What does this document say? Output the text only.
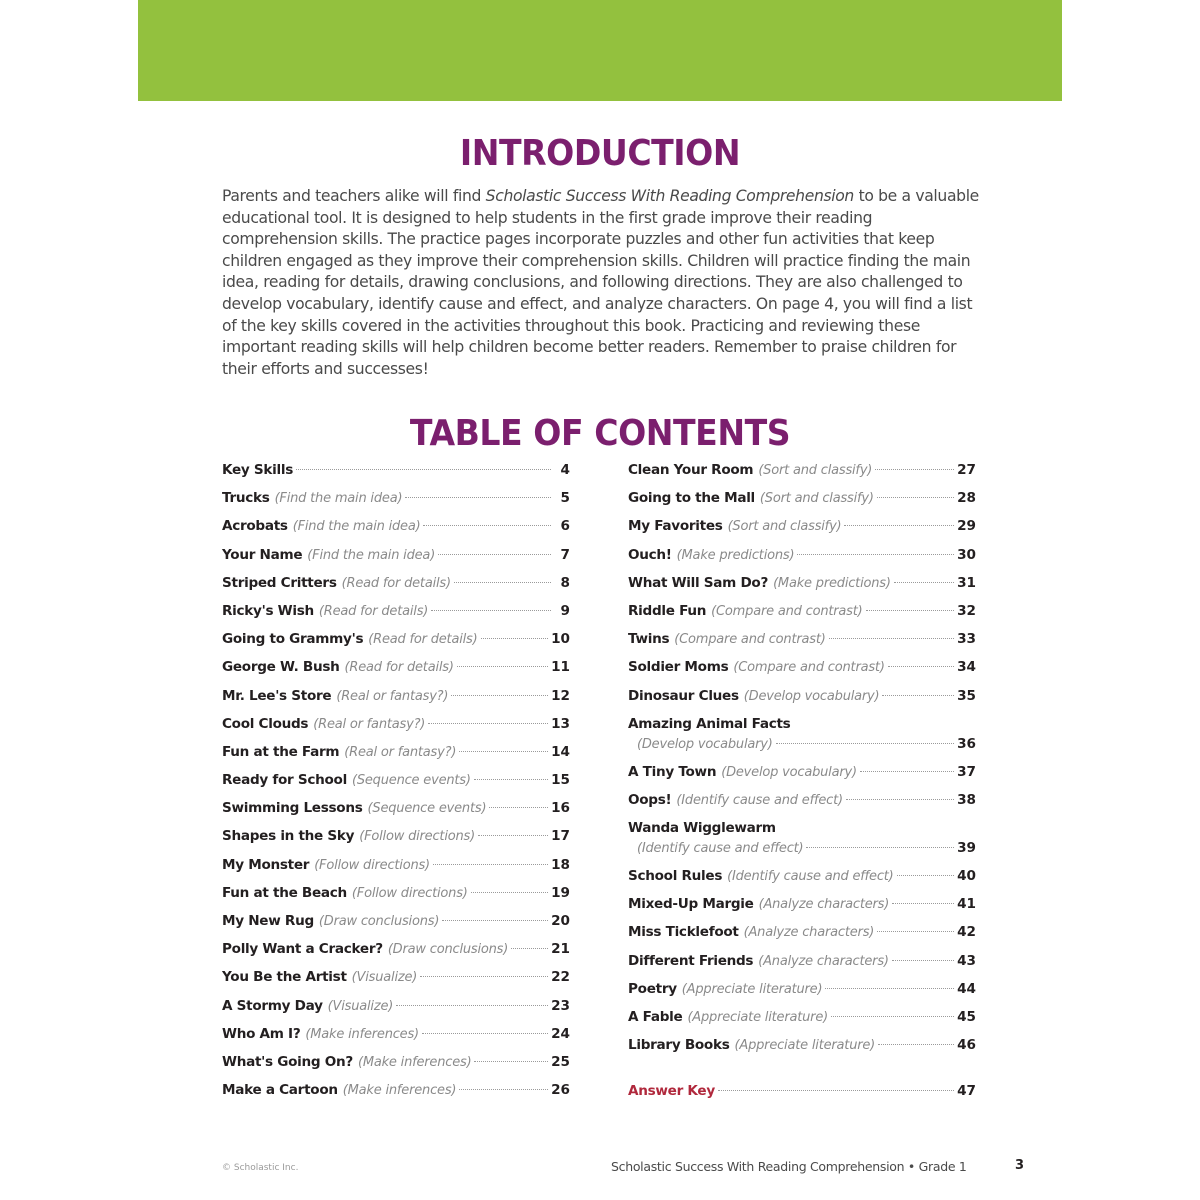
INTRODUCTION
Parents and teachers alike will find Scholastic Success With Reading Comprehension to be a valuable educational tool. It is designed to help students in the first grade improve their reading comprehension skills. The practice pages incorporate puzzles and other fun activities that keep children engaged as they improve their comprehension skills. Children will practice finding the main idea, reading for details, drawing conclusions, and following directions. They are also challenged to develop vocabulary, identify cause and effect, and analyze characters. On page 4, you will find a list of the key skills covered in the activities throughout this book. Practicing and reviewing these important reading skills will help children become better readers. Remember to praise children for their efforts and successes!
TABLE OF CONTENTS
Key Skills	4
Trucks (Find the main idea)	5
Acrobats (Find the main idea)	6
Your Name (Find the main idea)	7
Striped Critters (Read for details)	8
Ricky's Wish (Read for details)	9
Going to Grammy's (Read for details)	10
George W. Bush (Read for details)	11
Mr. Lee's Store (Real or fantasy?)	12
Cool Clouds (Real or fantasy?)	13
Fun at the Farm (Real or fantasy?)	14
Ready for School (Sequence events)	15
Swimming Lessons (Sequence events)	16
Shapes in the Sky (Follow directions)	17
My Monster (Follow directions)	18
Fun at the Beach (Follow directions)	19
My New Rug (Draw conclusions)	20
Polly Want a Cracker? (Draw conclusions)	21
You Be the Artist (Visualize)	22
A Stormy Day (Visualize)	23
Who Am I? (Make inferences)	24
What's Going On? (Make inferences)	25
Make a Cartoon (Make inferences)	26
Clean Your Room (Sort and classify)	27
Going to the Mall (Sort and classify)	28
My Favorites (Sort and classify)	29
Ouch! (Make predictions)	30
What Will Sam Do? (Make predictions)	31
Riddle Fun (Compare and contrast)	32
Twins (Compare and contrast)	33
Soldier Moms (Compare and contrast)	34
Dinosaur Clues (Develop vocabulary)	35
Amazing Animal Facts
(Develop vocabulary)	36
A Tiny Town (Develop vocabulary)	37
Oops! (Identify cause and effect)	38
Wanda Wigglewarm
(Identify cause and effect)	39
School Rules (Identify cause and effect)	40
Mixed-Up Margie (Analyze characters)	41
Miss Ticklefoot (Analyze characters)	42
Different Friends (Analyze characters)	43
Poetry (Appreciate literature)	44
A Fable (Appreciate literature)	45
Library Books (Appreciate literature)	46
Answer Key	47
© Scholastic Inc.	Scholastic Success With Reading Comprehension • Grade 1	3
